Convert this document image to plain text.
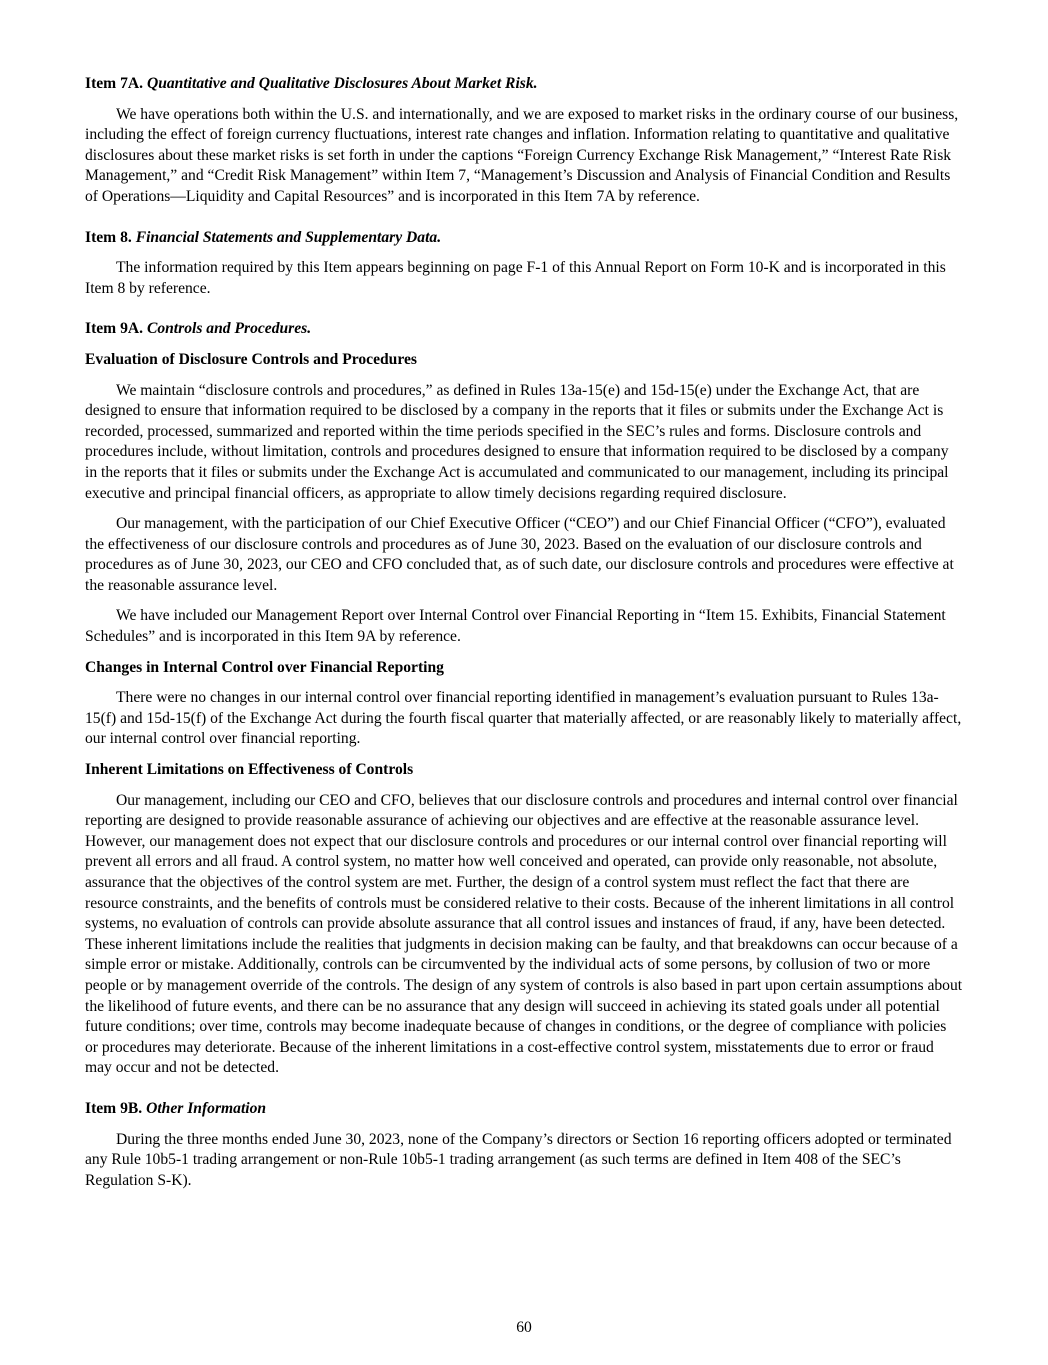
Item 7A. Quantitative and Qualitative Disclosures About Market Risk.

We have operations both within the U.S. and internationally, and we are exposed to market risks in the ordinary course of our business, including the effect of foreign currency fluctuations, interest rate changes and inflation. Information relating to quantitative and qualitative disclosures about these market risks is set forth in under the captions “Foreign Currency Exchange Risk Management,” “Interest Rate Risk Management,” and “Credit Risk Management” within Item 7, “Management’s Discussion and Analysis of Financial Condition and Results of Operations—Liquidity and Capital Resources” and is incorporated in this Item 7A by reference.

Item 8. Financial Statements and Supplementary Data.

The information required by this Item appears beginning on page F-1 of this Annual Report on Form 10-K and is incorporated in this Item 8 by reference.

Item 9A. Controls and Procedures.
Evaluation of Disclosure Controls and Procedures

We maintain “disclosure controls and procedures,” as defined in Rules 13a-15(e) and 15d-15(e) under the Exchange Act, that are designed to ensure that information required to be disclosed by a company in the reports that it files or submits under the Exchange Act is recorded, processed, summarized and reported within the time periods specified in the SEC’s rules and forms. Disclosure controls and procedures include, without limitation, controls and procedures designed to ensure that information required to be disclosed by a company in the reports that it files or submits under the Exchange Act is accumulated and communicated to our management, including its principal executive and principal financial officers, as appropriate to allow timely decisions regarding required disclosure.

Our management, with the participation of our Chief Executive Officer (“CEO”) and our Chief Financial Officer (“CFO”), evaluated the effectiveness of our disclosure controls and procedures as of June 30, 2023. Based on the evaluation of our disclosure controls and procedures as of June 30, 2023, our CEO and CFO concluded that, as of such date, our disclosure controls and procedures were effective at the reasonable assurance level.

We have included our Management Report over Internal Control over Financial Reporting in “Item 15. Exhibits, Financial Statement Schedules” and is incorporated in this Item 9A by reference.

Changes in Internal Control over Financial Reporting

There were no changes in our internal control over financial reporting identified in management’s evaluation pursuant to Rules 13a-15(f) and 15d-15(f) of the Exchange Act during the fourth fiscal quarter that materially affected, or are reasonably likely to materially affect, our internal control over financial reporting.

Inherent Limitations on Effectiveness of Controls

Our management, including our CEO and CFO, believes that our disclosure controls and procedures and internal control over financial reporting are designed to provide reasonable assurance of achieving our objectives and are effective at the reasonable assurance level. However, our management does not expect that our disclosure controls and procedures or our internal control over financial reporting will prevent all errors and all fraud. A control system, no matter how well conceived and operated, can provide only reasonable, not absolute, assurance that the objectives of the control system are met. Further, the design of a control system must reflect the fact that there are resource constraints, and the benefits of controls must be considered relative to their costs. Because of the inherent limitations in all control systems, no evaluation of controls can provide absolute assurance that all control issues and instances of fraud, if any, have been detected. These inherent limitations include the realities that judgments in decision making can be faulty, and that breakdowns can occur because of a simple error or mistake. Additionally, controls can be circumvented by the individual acts of some persons, by collusion of two or more people or by management override of the controls. The design of any system of controls is also based in part upon certain assumptions about the likelihood of future events, and there can be no assurance that any design will succeed in achieving its stated goals under all potential future conditions; over time, controls may become inadequate because of changes in conditions, or the degree of compliance with policies or procedures may deteriorate. Because of the inherent limitations in a cost-effective control system, misstatements due to error or fraud may occur and not be detected.

Item 9B. Other Information

During the three months ended June 30, 2023, none of the Company’s directors or Section 16 reporting officers adopted or terminated any Rule 10b5-1 trading arrangement or non-Rule 10b5-1 trading arrangement (as such terms are defined in Item 408 of the SEC’s Regulation S-K).

60
